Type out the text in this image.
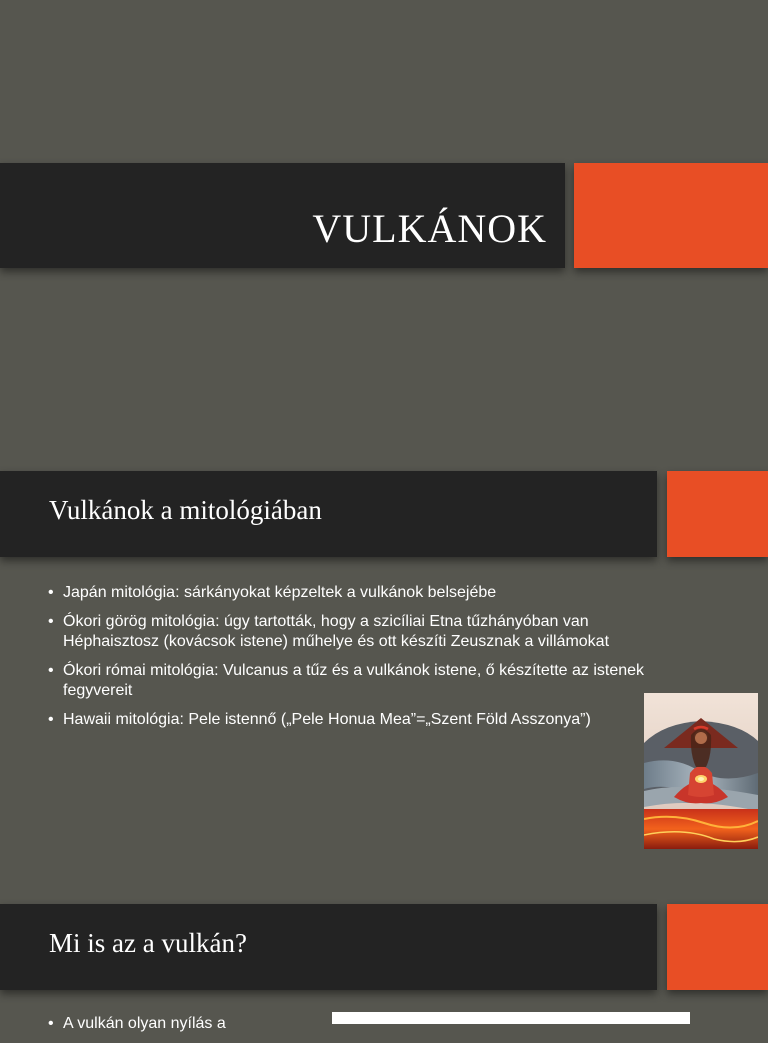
VULKÁNOK
Vulkánok a mitológiában
• Japán mitológia: sárkányokat képzeltek a vulkánok belsejébe
• Ókori görög mitológia: úgy tartották, hogy a szicíliai Etna tűzhányóban van Héphaisztosz (kovácsok istene) műhelye és ott készíti Zeusznak a villámokat
• Ókori római mitológia: Vulcanus a tűz és a vulkánok istene, ő készítette az istenek fegyvereit
• Hawaii mitológia: Pele istennő („Pele Honua Mea”=„Szent Föld Asszonya”)
Mi is az a vulkán?
• A vulkán olyan nyílás a
